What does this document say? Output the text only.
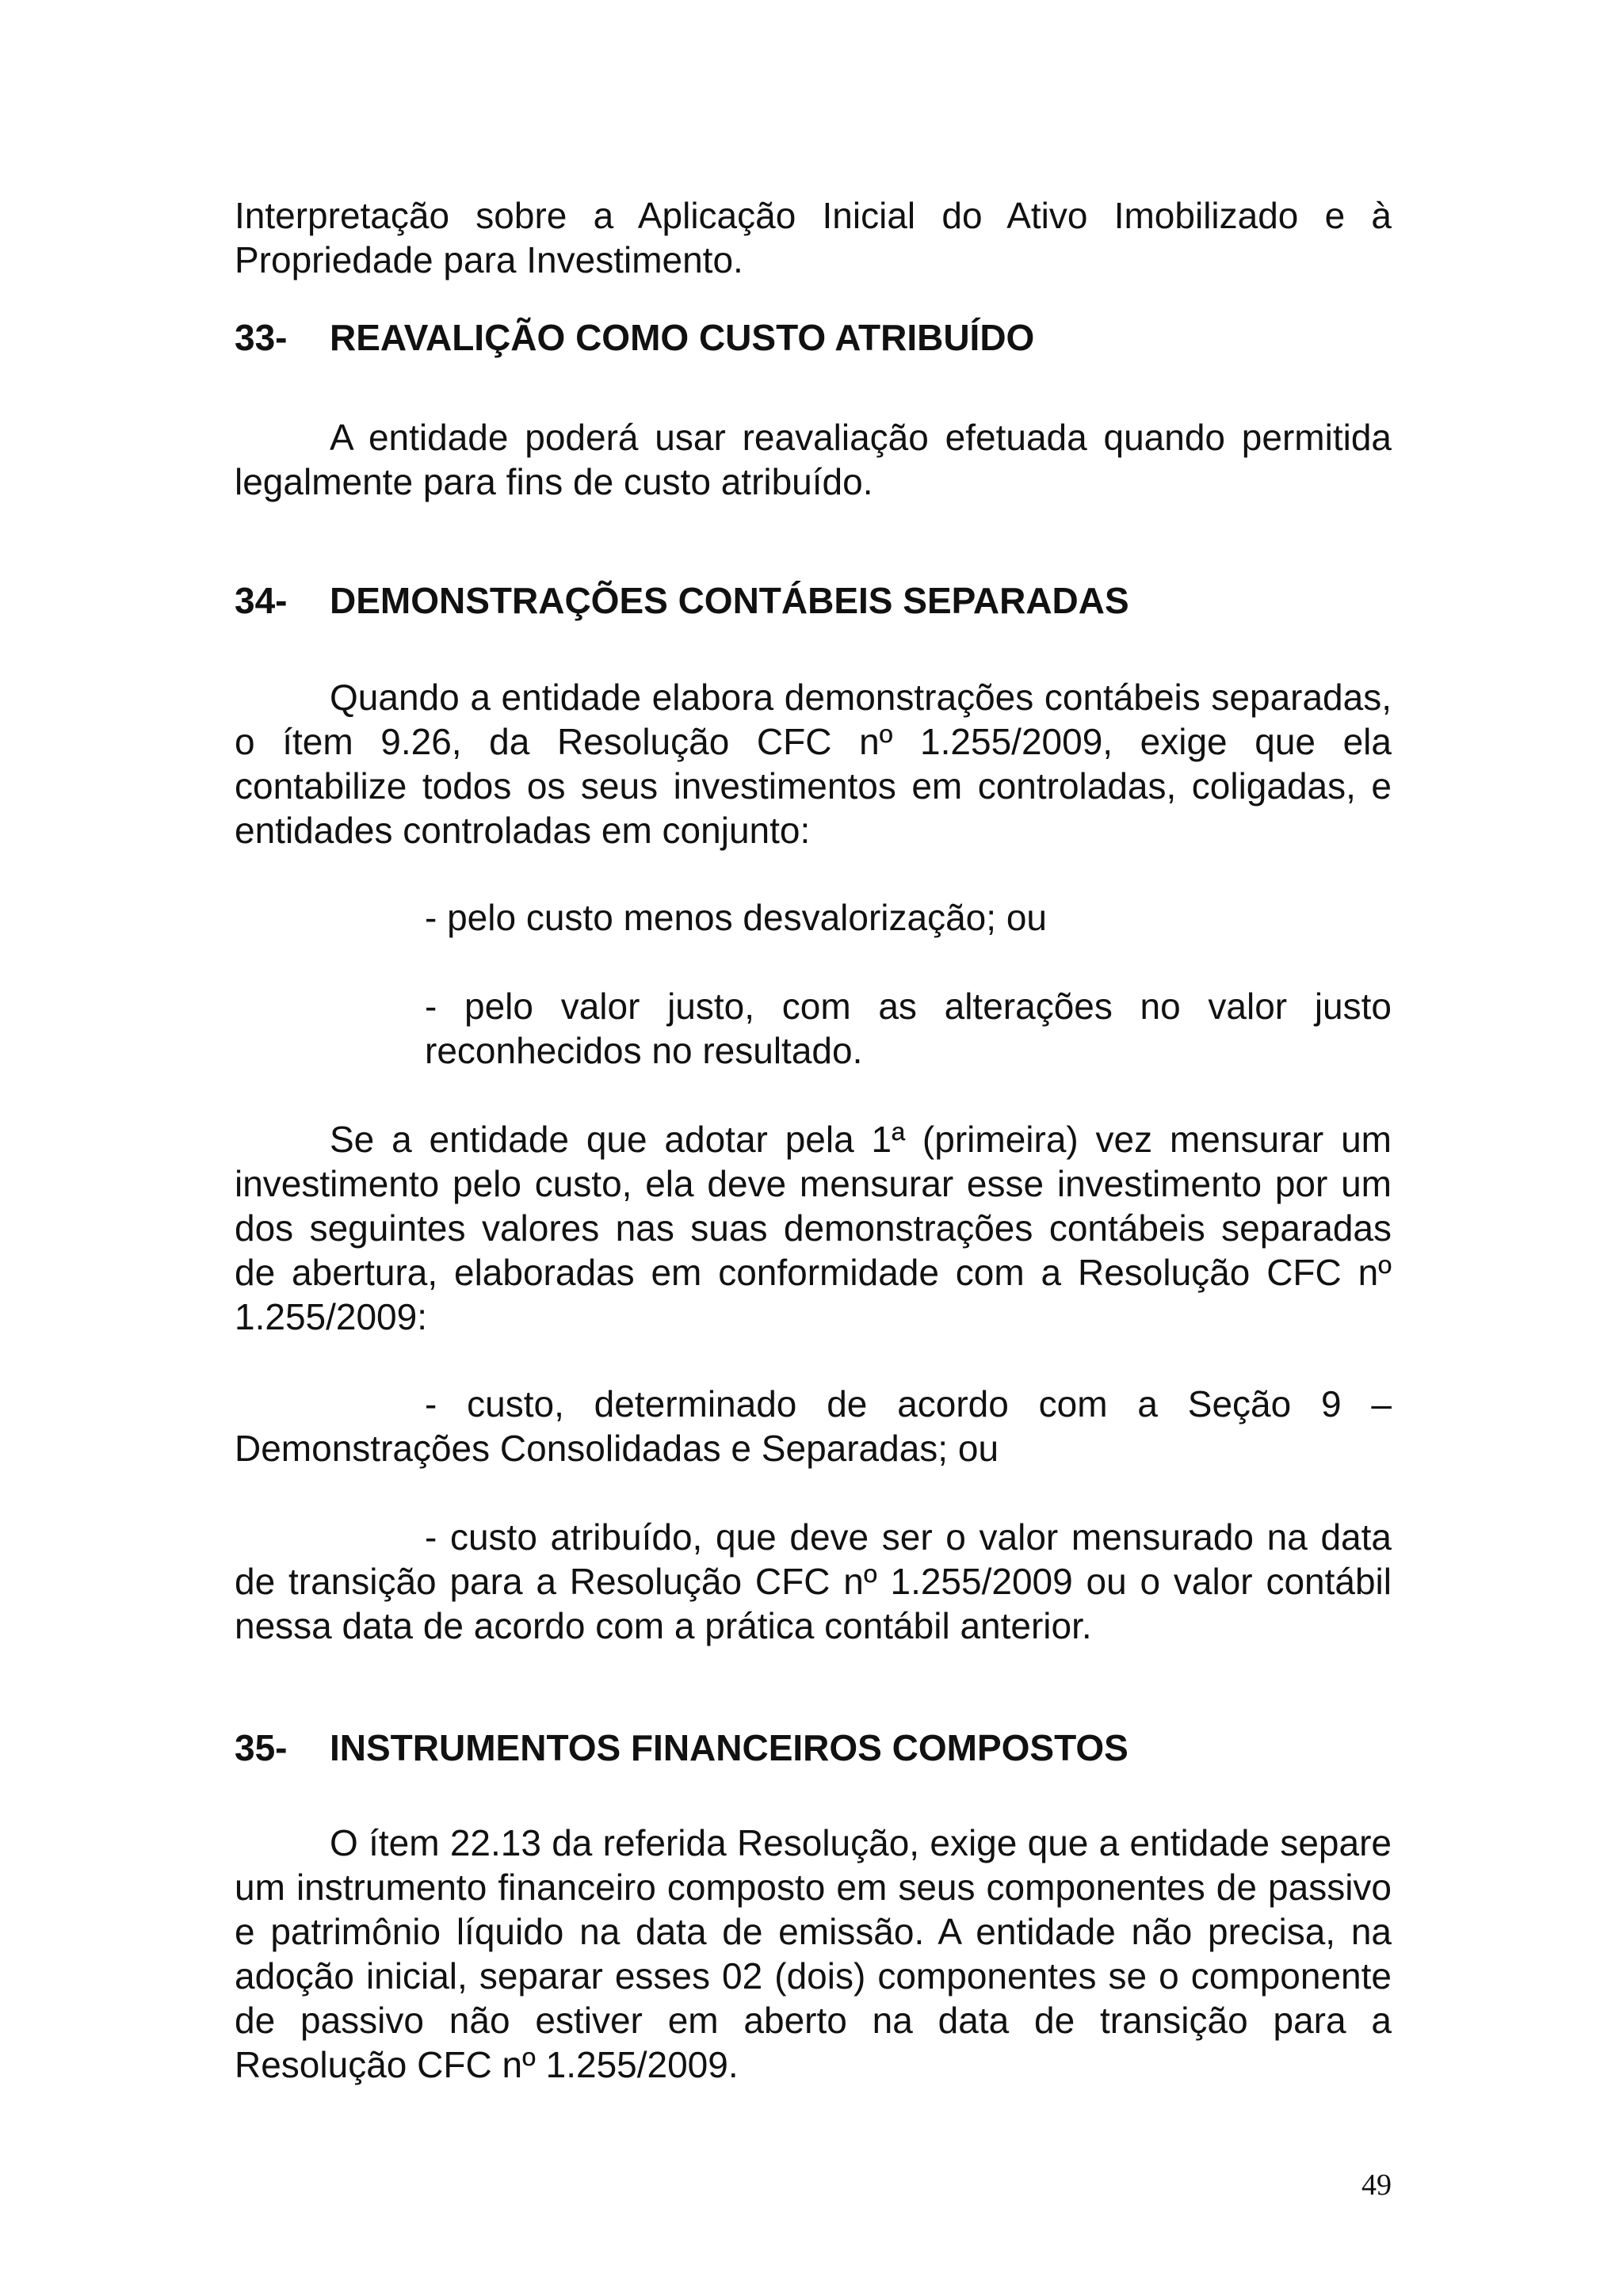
Interpretação sobre a Aplicação Inicial do Ativo Imobilizado e à Propriedade para Investimento.

33- REAVALIÇÃO COMO CUSTO ATRIBUÍDO

A entidade poderá usar reavaliação efetuada quando permitida legalmente para fins de custo atribuído.

34- DEMONSTRAÇÕES CONTÁBEIS SEPARADAS

Quando a entidade elabora demonstrações contábeis separadas, o ítem 9.26, da Resolução CFC nº 1.255/2009, exige que ela contabilize todos os seus investimentos em controladas, coligadas, e entidades controladas em conjunto:

- pelo custo menos desvalorização; ou

- pelo valor justo, com as alterações no valor justo reconhecidos no resultado.

Se a entidade que adotar pela 1ª (primeira) vez mensurar um investimento pelo custo, ela deve mensurar esse investimento por um dos seguintes valores nas suas demonstrações contábeis separadas de abertura, elaboradas em conformidade com a Resolução CFC nº 1.255/2009:

- custo, determinado de acordo com a Seção 9 – Demonstrações Consolidadas e Separadas; ou

- custo atribuído, que deve ser o valor mensurado na data de transição para a Resolução CFC nº 1.255/2009 ou o valor contábil nessa data de acordo com a prática contábil anterior.

35- INSTRUMENTOS FINANCEIROS COMPOSTOS

O ítem 22.13 da referida Resolução, exige que a entidade separe um instrumento financeiro composto em seus componentes de passivo e patrimônio líquido na data de emissão. A entidade não precisa, na adoção inicial, separar esses 02 (dois) componentes se o componente de passivo não estiver em aberto na data de transição para a Resolução CFC nº 1.255/2009.

49
